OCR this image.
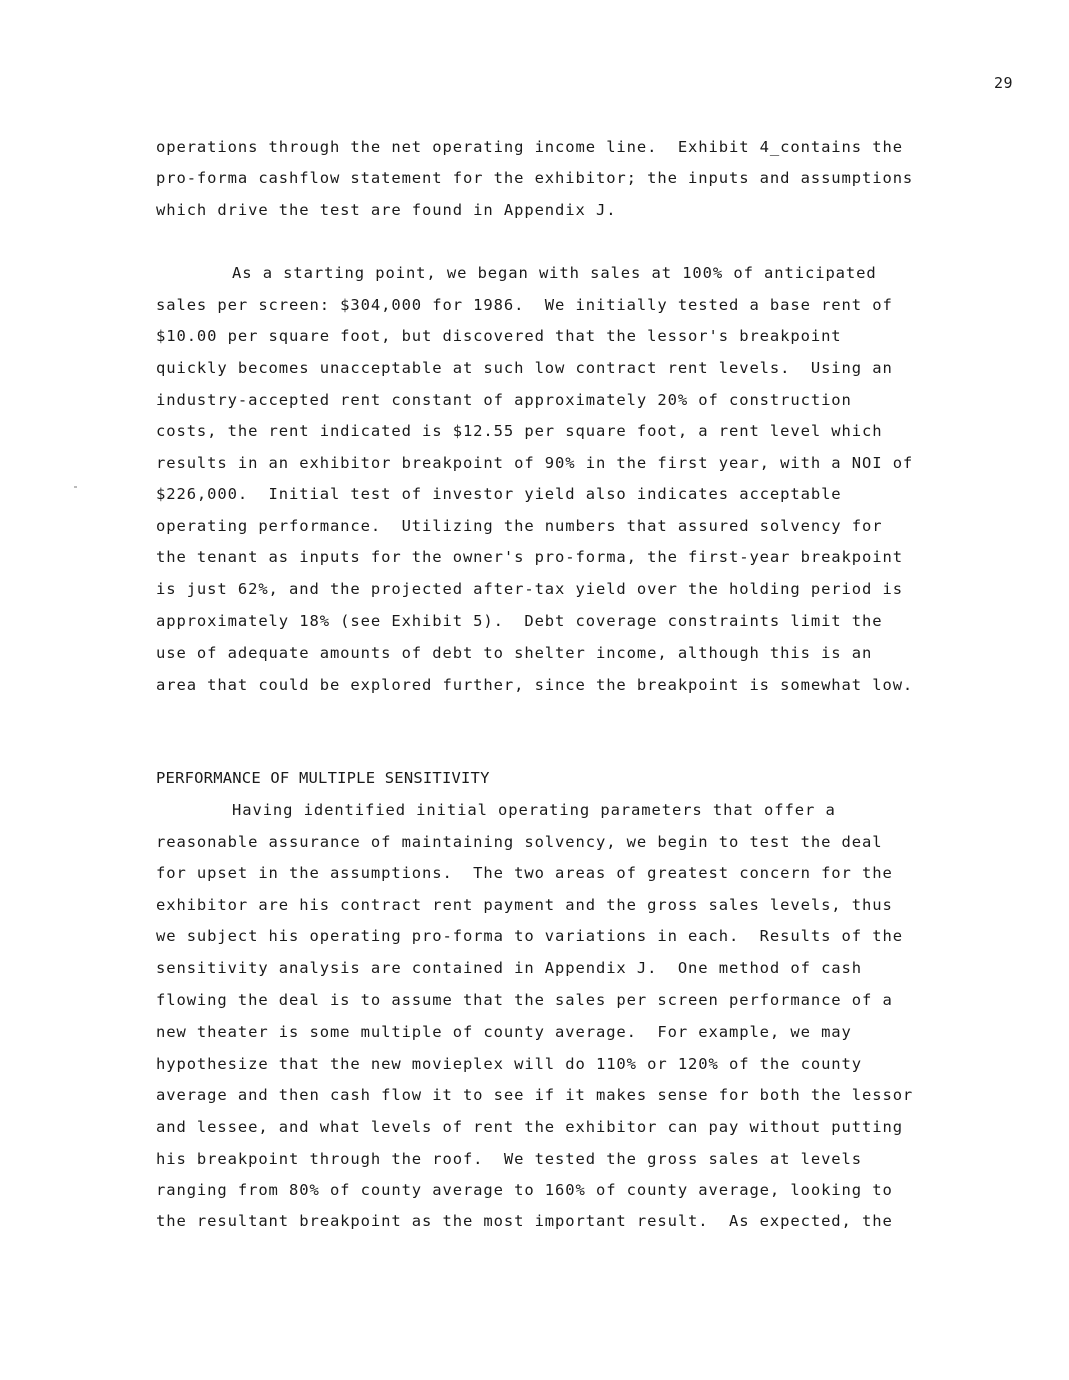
29
operations through the net operating income line.  Exhibit 4_contains the
pro-forma cashflow statement for the exhibitor; the inputs and assumptions
which drive the test are found in Appendix J.
As a starting point, we began with sales at 100% of anticipated
sales per screen: $304,000 for 1986.  We initially tested a base rent of
$10.00 per square foot, but discovered that the lessor's breakpoint
quickly becomes unacceptable at such low contract rent levels.  Using an
industry-accepted rent constant of approximately 20% of construction
costs, the rent indicated is $12.55 per square foot, a rent level which
results in an exhibitor breakpoint of 90% in the first year, with a NOI of
$226,000.  Initial test of investor yield also indicates acceptable
operating performance.  Utilizing the numbers that assured solvency for
the tenant as inputs for the owner's pro-forma, the first-year breakpoint
is just 62%, and the projected after-tax yield over the holding period is
approximately 18% (see Exhibit 5).  Debt coverage constraints limit the
use of adequate amounts of debt to shelter income, although this is an
area that could be explored further, since the breakpoint is somewhat low.
PERFORMANCE OF MULTIPLE SENSITIVITY
Having identified initial operating parameters that offer a
reasonable assurance of maintaining solvency, we begin to test the deal
for upset in the assumptions.  The two areas of greatest concern for the
exhibitor are his contract rent payment and the gross sales levels, thus
we subject his operating pro-forma to variations in each.  Results of the
sensitivity analysis are contained in Appendix J.  One method of cash
flowing the deal is to assume that the sales per screen performance of a
new theater is some multiple of county average.  For example, we may
hypothesize that the new movieplex will do 110% or 120% of the county
average and then cash flow it to see if it makes sense for both the lessor
and lessee, and what levels of rent the exhibitor can pay without putting
his breakpoint through the roof.  We tested the gross sales at levels
ranging from 80% of county average to 160% of county average, looking to
the resultant breakpoint as the most important result.  As expected, the
